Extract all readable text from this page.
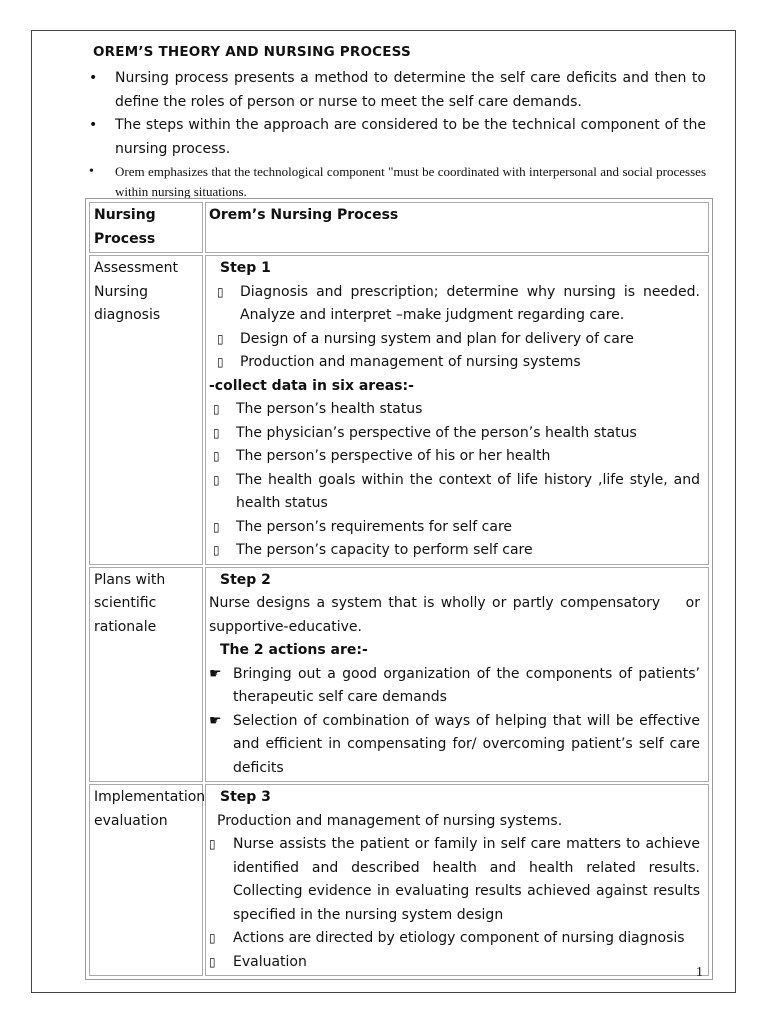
OREM’S THEORY AND NURSING PROCESS
• Nursing process presents a method to determine the self care deficits and then to define the roles of person or nurse to meet the self care demands.
• The steps within the approach are considered to be the technical component of the nursing process.
• Orem emphasizes that the technological component "must be coordinated with interpersonal and social processes within nursing situations.
Nursing Process
Orem’s Nursing Process
Assessment
Nursing diagnosis
Step 1
▯ Diagnosis and prescription; determine why nursing is needed. Analyze and interpret –make judgment regarding care.
▯ Design of a nursing system and plan for delivery of care
▯ Production and management of nursing systems
-collect data in six areas:-
▯ The person’s health status
▯ The physician’s perspective of the person’s health status
▯ The person’s perspective of his or her health
▯ The health goals within the context of life history ,life style, and health status
▯ The person’s requirements for self care
▯ The person’s capacity to perform self care
Plans with scientific rationale
Step 2
Nurse designs a system that is wholly or partly compensatory    or supportive-educative.
The 2 actions are:-
☛ Bringing out a good organization of the components of patients’ therapeutic self care demands
☛ Selection of combination of ways of helping that will be effective and efficient in compensating for/ overcoming patient’s self care deficits
Implementation
evaluation
Step 3
Production and management of nursing systems.
▯ Nurse assists the patient or family in self care matters to achieve identified and described health and health related results. Collecting evidence in evaluating results achieved against results specified in the nursing system design
▯ Actions are directed by etiology component of nursing diagnosis
▯ Evaluation
1
